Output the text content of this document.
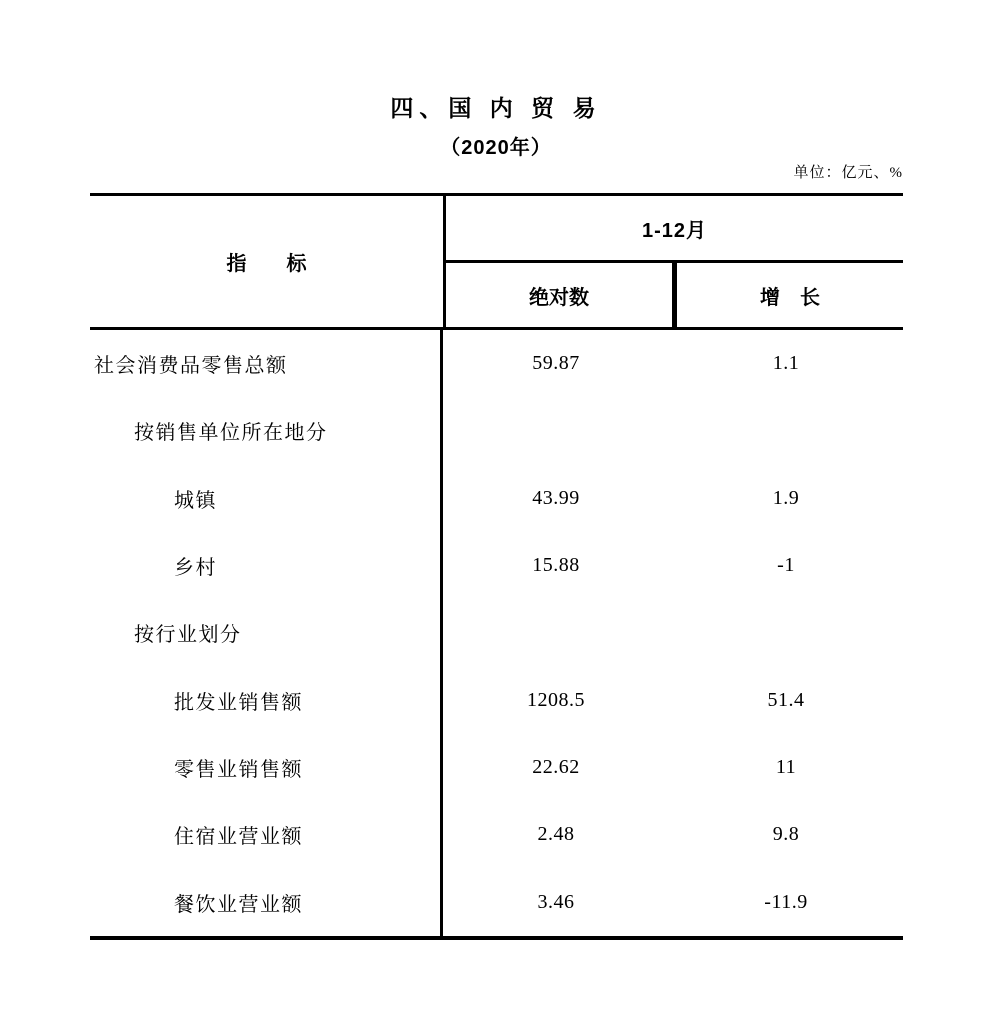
四、国 内 贸 易
（2020年）
单位：亿元、%
指　　标
1-12月
绝对数	增　长
社会消费品零售总额	59.87	1.1
按销售单位所在地分
城镇	43.99	1.9
乡村	15.88	-1
按行业划分
批发业销售额	1208.5	51.4
零售业销售额	22.62	11
住宿业营业额	2.48	9.8
餐饮业营业额	3.46	-11.9
